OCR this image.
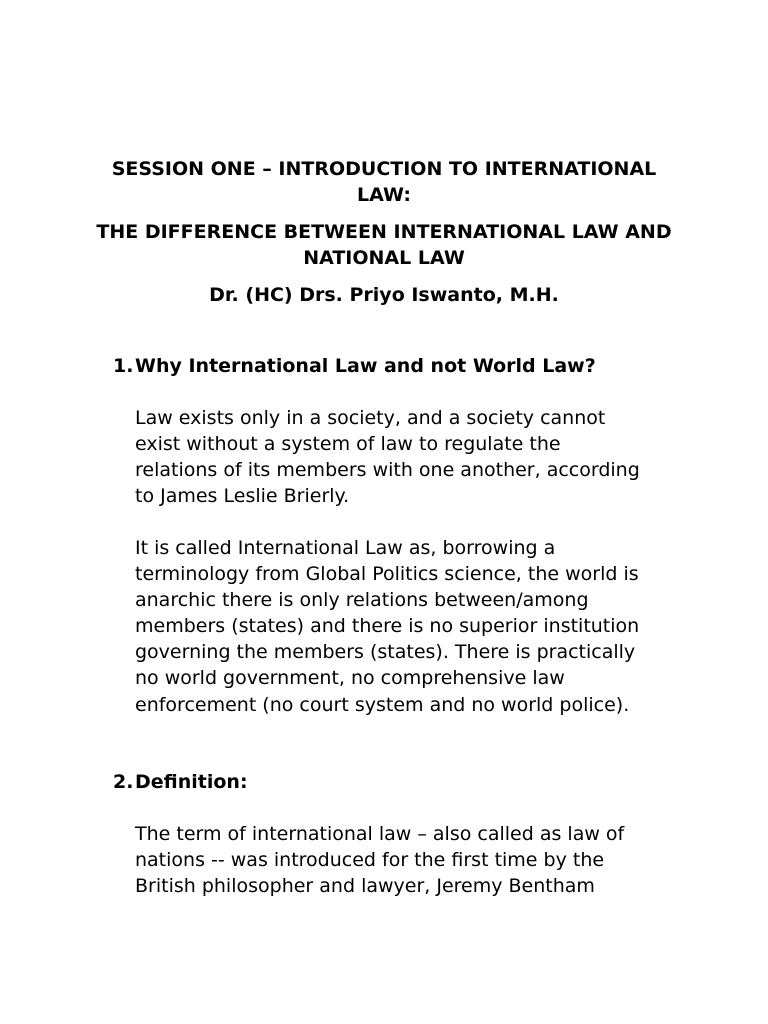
SESSION ONE – INTRODUCTION TO INTERNATIONAL LAW:
THE DIFFERENCE BETWEEN INTERNATIONAL LAW AND NATIONAL LAW
Dr. (HC) Drs. Priyo Iswanto, M.H.
1.Why International Law and not World Law?
Law exists only in a society, and a society cannot
exist without a system of law to regulate the
relations of its members with one another, according
to James Leslie Brierly.
It is called International Law as, borrowing a
terminology from Global Politics science, the world is
anarchic there is only relations between/among
members (states) and there is no superior institution
governing the members (states). There is practically
no world government, no comprehensive law
enforcement (no court system and no world police).
2.Definition:
The term of international law – also called as law of
nations -- was introduced for the first time by the
British philosopher and lawyer, Jeremy Bentham
